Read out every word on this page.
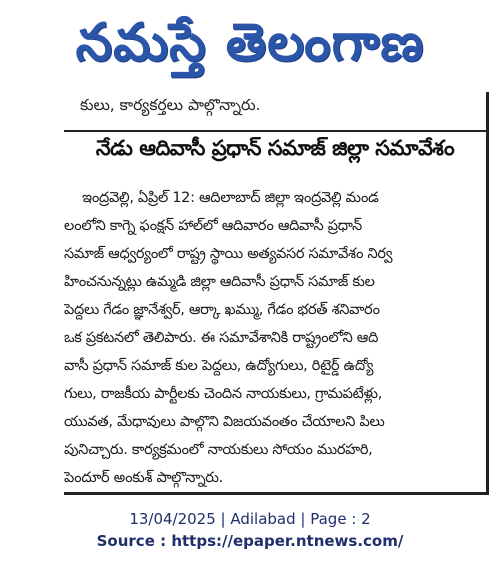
నమస్తే తెలంగాణ
కులు, కార్యకర్తలు పాల్గొన్నారు.
నేడు ఆదివాసీ ప్రధాన్ సమాజ్ జిల్లా సమావేశం
ఇంద్రవెల్లి, ఏప్రిల్ 12: ఆదిలాబాద్ జిల్లా ఇంద్రవెల్లి మండ
లంలోని కాగ్నె ఫంక్షన్ హాల్‌లో ఆదివారం ఆదివాసీ ప్రధాన్
సమాజ్ ఆధ్వర్యంలో రాష్ట్ర స్థాయి అత్యవసర సమావేశం నిర్వ
హించనున్నట్లు ఉమ్మడి జిల్లా ఆదివాసీ ప్రధాన్ సమాజ్ కుల
పెద్దలు గేడం జ్ఞానేశ్వర్, ఆర్కా ఖమ్ము, గేడం భరత్ శనివారం
ఒక ప్రకటనలో తెలిపారు. ఈ సమావేశానికి రాష్ట్రంలోని ఆది
వాసీ ప్రధాన్ సమాజ్ కుల పెద్దలు, ఉద్యోగులు, రిటైర్డ్ ఉద్యో
గులు, రాజకీయ పార్టీలకు చెందిన నాయకులు, గ్రామపటేళ్లు,
యువత, మేధావులు పాల్గొని విజయవంతం చేయాలని పిలు
పునిచ్చారు. కార్యక్రమంలో నాయకులు సోయం మురహరి,
పెందూర్ అంకుశ్ పాల్గొన్నారు.
13/04/2025 | Adilabad | Page : 2
Source : https://epaper.ntnews.com/
